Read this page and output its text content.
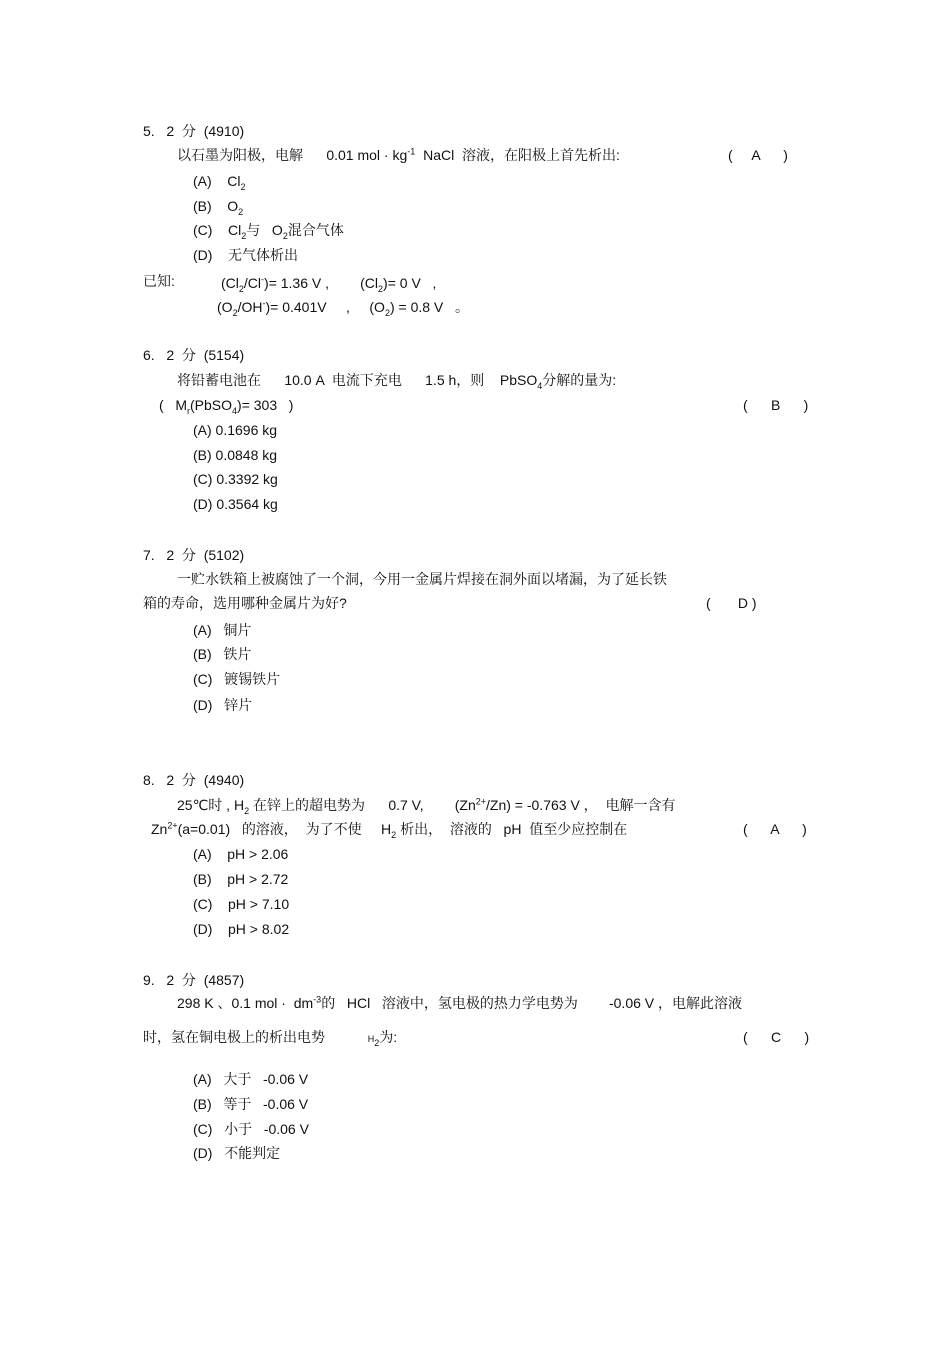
5.   2  分  (4910)
以石墨为阳极，电解 0.01 mol · $kg^{-1}$ NaCl  溶液，在阳极上首先析出:	(     A      )
(A) $Cl_2$
(B) $O_2$
(C) $Cl_2$与   $O_2$混合气体
(D) 无气体析出
已知:	$(Cl_2/Cl^-)= 1.36$ V , $(Cl_2)= 0$ V   ,
$(O_2/OH^-)= 0.401V$ , $(O_2) = 0.8$ V 。
6.   2  分  (5154)
将铅蓄电池在 10.0 A  电流下充电 1.5 h，则 PbSO$_4$分解的量为:
(   $M_r(PbSO_4)= 303$   )	(      B      )
(A) 0.1696 kg
(B) 0.0848 kg
(C) 0.3392 kg
(D) 0.3564 kg
7.   2  分  (5102)
一贮水铁箱上被腐蚀了一个洞，今用一金属片焊接在洞外面以堵漏，为了延长铁
箱的寿命，选用哪种金属片为好?	(       D )
(A) 铜片
(B) 铁片
(C) 镀锡铁片
(D) 锌片
8.   2  分  (4940)
25℃时 , $H_2$ 在锌上的超电势为 0.7 V, $(Zn^{2+}/Zn) = -0.763$ V ，  电解一含有
$Zn^{2+}(a=0.01)$   的溶液，  为了不使 $H_2$ 析出，  溶液的 pH  值至少应控制在	(      A      )
(A) pH > 2.06
(B) pH > 2.72
(C) pH > 7.10
(D) pH > 8.02
9.   2  分  (4857)
298 K 、0.1 mol ·  $dm^{-3}$的   HCl   溶液中，氢电极的热力学电势为 -0.06 V ，电解此溶液
时，氢在铜电极上的析出电势	$H_2$为:	(      C      )
(A) 大于   -0.06 V
(B) 等于   -0.06 V
(C) 小于   -0.06 V
(D) 不能判定
